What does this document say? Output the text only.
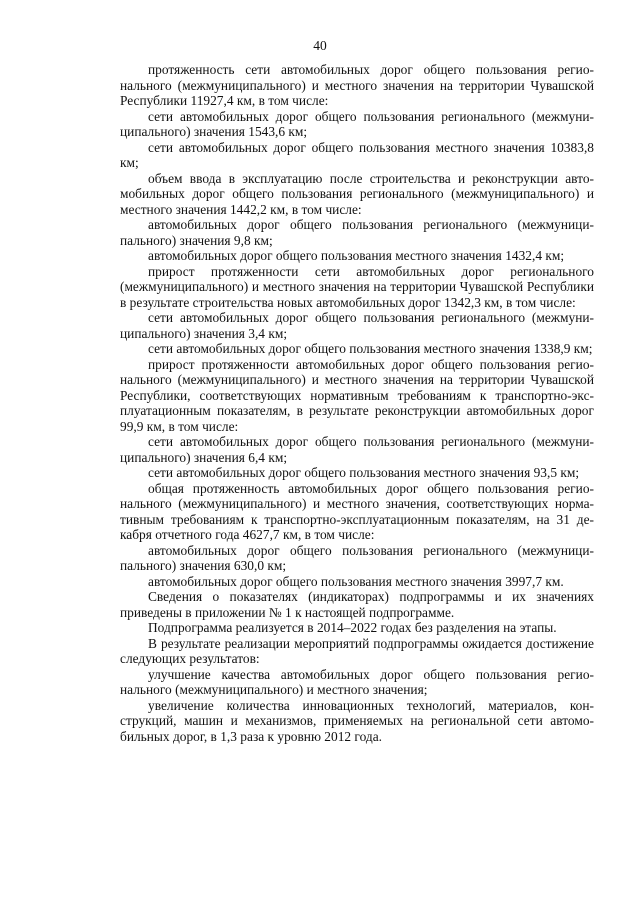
40

протяженность сети автомобильных дорог общего пользования регионального (межмуниципального) и местного значения на территории Чувашской Республики 11927,4 км, в том числе:

сети автомобильных дорог общего пользования регионального (межмуниципального) значения 1543,6 км;

сети автомобильных дорог общего пользования местного значения 10383,8 км;

объем ввода в эксплуатацию после строительства и реконструкции автомобильных дорог общего пользования регионального (межмуниципального) и местного значения 1442,2 км, в том числе:

автомобильных дорог общего пользования регионального (межмуниципального) значения 9,8 км;

автомобильных дорог общего пользования местного значения 1432,4 км;

прирост протяженности сети автомобильных дорог регионального (межмуниципального) и местного значения на территории Чувашской Республики в результате строительства новых автомобильных дорог 1342,3 км, в том числе:

сети автомобильных дорог общего пользования регионального (межмуниципального) значения 3,4 км;

сети автомобильных дорог общего пользования местного значения 1338,9 км;

прирост протяженности автомобильных дорог общего пользования регионального (межмуниципального) и местного значения на территории Чувашской Республики, соответствующих нормативным требованиям к транспортно-эксплуатационным показателям, в результате реконструкции автомобильных дорог 99,9 км, в том числе:

сети автомобильных дорог общего пользования регионального (межмуниципального) значения 6,4 км;

сети автомобильных дорог общего пользования местного значения 93,5 км;

общая протяженность автомобильных дорог общего пользования регионального (межмуниципального) и местного значения, соответствующих нормативным требованиям к транспортно-эксплуатационным показателям, на 31 декабря отчетного года 4627,7 км, в том числе:

автомобильных дорог общего пользования регионального (межмуниципального) значения 630,0 км;

автомобильных дорог общего пользования местного значения 3997,7 км.

Сведения о показателях (индикаторах) подпрограммы и их значениях приведены в приложении № 1 к настоящей подпрограмме.

Подпрограмма реализуется в 2014–2022 годах без разделения на этапы.

В результате реализации мероприятий подпрограммы ожидается достижение следующих результатов:

улучшение качества автомобильных дорог общего пользования регионального (межмуниципального) и местного значения;

увеличение количества инновационных технологий, материалов, конструкций, машин и механизмов, применяемых на региональной сети автомобильных дорог, в 1,3 раза к уровню 2012 года.
